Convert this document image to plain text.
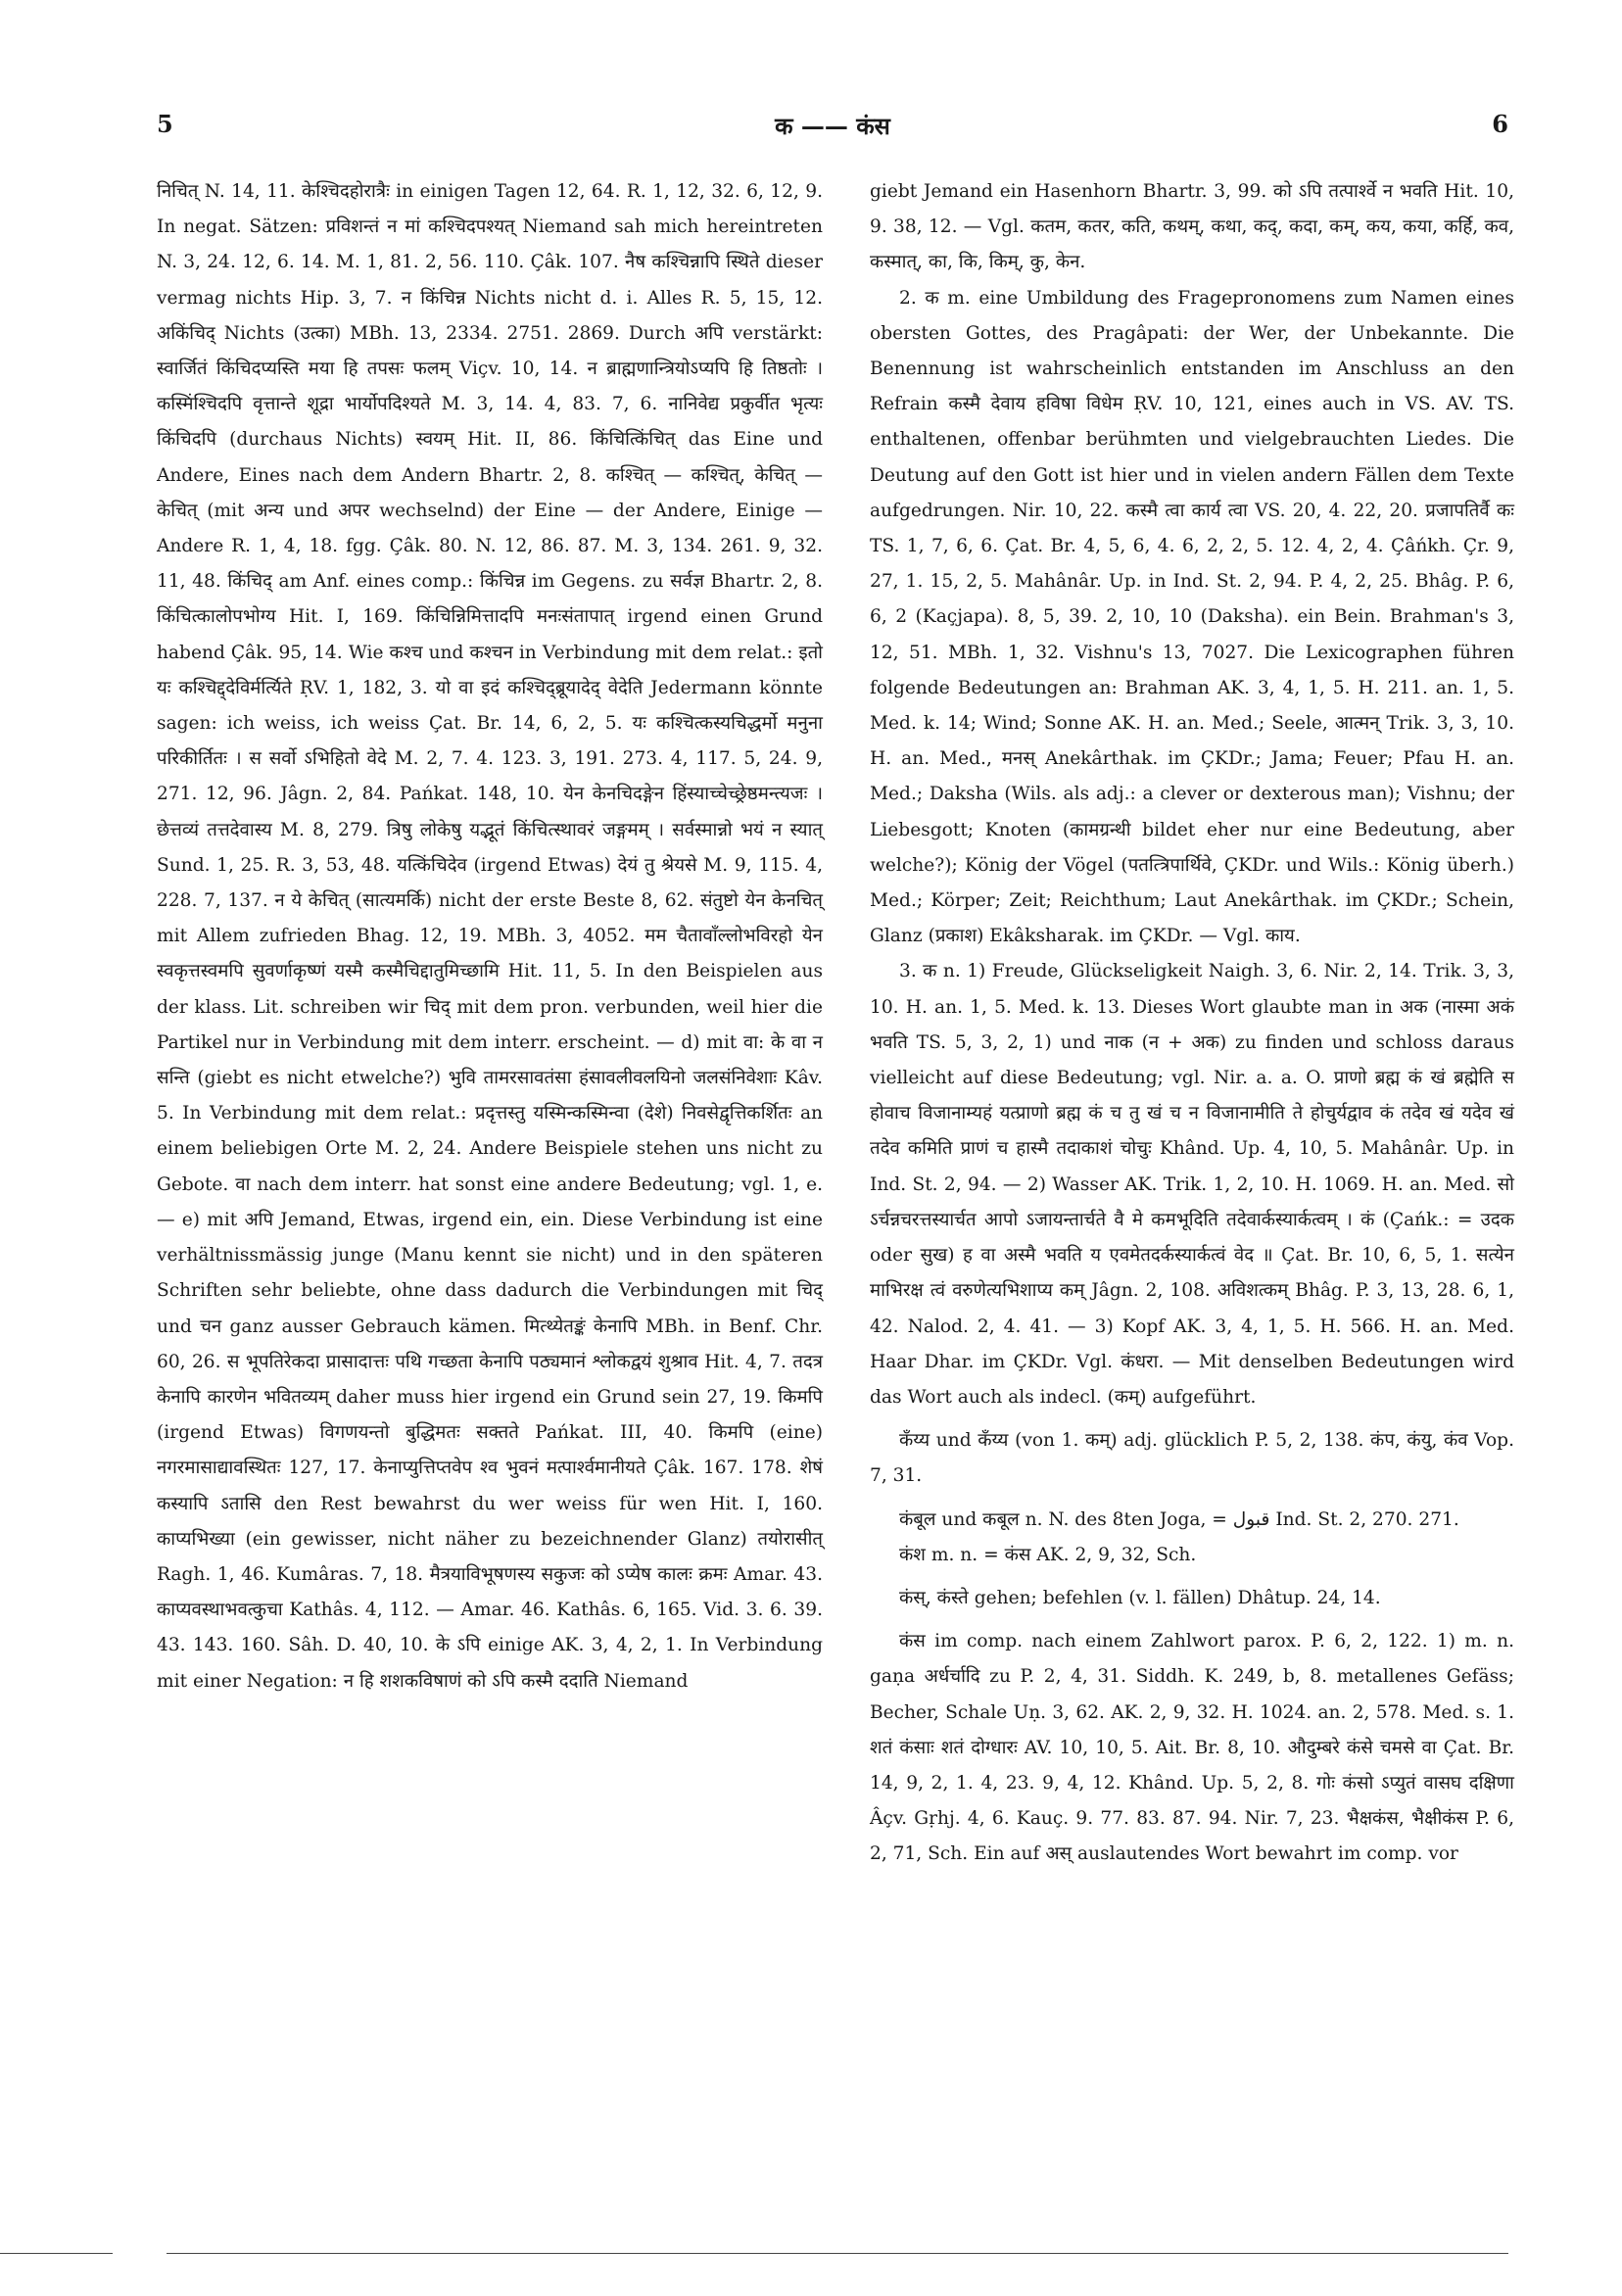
5	क —— कंस	6

निचित् N. 14, 11. केश्चिदहोरात्रैः in einigen Tagen 12, 64. R. 1, 12, 32. 6, 12, 9. In negat. Sätzen: प्रविशन्तं न मां कश्चिदपश्यत् Niemand sah mich hereintreten N. 3, 24. 12, 6. 14. M. 1, 81. 2, 56. 110. Çâk. 107. नैष कश्चिन्नापि स्थिते dieser vermag nichts Hip. 3, 7. न किंचिन्न Nichts nicht d. i. Alles R. 5, 15, 12. अकिंचिद् Nichts (उत्का) MBh. 13, 2334. 2751. 2869. Durch अपि verstärkt: स्वार्जितं किंचिदप्यस्ति मया हि तपसः फलम् Viçv. 10, 14. न ब्राह्मणान्त्रियोऽप्यपि हि तिष्ठतोः । कस्मिंश्चिदपि वृत्तान्ते शूद्रा भार्योपदिश्यते M. 3, 14. 4, 83. 7, 6. नानिवेद्य प्रकुर्वीत भृत्यः किंचिदपि (durchaus Nichts) स्वयम् Hit. II, 86. किंचित्किंचित् das Eine und Andere, Eines nach dem Andern Bhartr. 2, 8. कश्चित् — कश्चित्, केचित् — केचित् (mit अन्य und अपर wechselnd) der Eine — der Andere, Einige — Andere R. 1, 4, 18. fgg. Çâk. 80. N. 12, 86. 87. M. 3, 134. 261. 9, 32. 11, 48. किंचिद् am Anf. eines comp.: किंचिन्न im Gegens. zu सर्वज्ञ Bhartr. 2, 8. किंचित्कालोपभोग्य Hit. I, 169. किंचिन्निमित्तादपि मनःसंतापात् irgend einen Grund habend Çâk. 95, 14. Wie कश्च und कश्चन in Verbindung mit dem relat.: इतो यः कश्चिद्द्देविर्मर्त्यिते ṚV. 1, 182, 3. यो वा इदं कश्चिद्ब्रूयादेद् वेदेति Jedermann könnte sagen: ich weiss, ich weiss Çat. Br. 14, 6, 2, 5. यः कश्चित्कस्यचिद्धर्मो मनुना परिकीर्तितः । स सर्वो ऽभिहितो वेदे M. 2, 7. 4. 123. 3, 191. 273. 4, 117. 5, 24. 9, 271. 12, 96. Jâgn. 2, 84. Pańkat. 148, 10. येन केनचिदङ्गेन हिंस्याच्चेच्छ्रेष्ठमन्त्यजः । छेत्तव्यं तत्तदेवास्य M. 8, 279. त्रिषु लोकेषु यद्भूतं किंचित्स्थावरं जङ्गमम् । सर्वस्मान्नो भयं न स्यात् Sund. 1, 25. R. 3, 53, 48. यत्किंचिदेव (irgend Etwas) देयं तु श्रेयसे M. 9, 115. 4, 228. 7, 137. न ये केचित् (सात्यमर्कि) nicht der erste Beste 8, 62. संतुष्टो येन केनचित् mit Allem zufrieden Bhag. 12, 19. MBh. 3, 4052. मम चैतावाँल्लोभविरहो येन स्वकृत्तस्वमपि सुवर्णाकृष्णं यस्मै कस्मैचिद्दातुमिच्छामि Hit. 11, 5. In den Beispielen aus der klass. Lit. schreiben wir चिद् mit dem pron. verbunden, weil hier die Partikel nur in Verbindung mit dem interr. erscheint. — d) mit वा: के वा न सन्ति (giebt es nicht etwelche?) भुवि तामरसावतंसा हंसावलीवलयिनो जलसंनिवेशाः Kâv. 5. In Verbindung mit dem relat.: प्रदृत्तस्तु यस्मिन्कस्मिन्वा (देशे) निवसेद्वृत्तिकर्शितः an einem beliebigen Orte M. 2, 24. Andere Beispiele stehen uns nicht zu Gebote. वा nach dem interr. hat sonst eine andere Bedeutung; vgl. 1, e. — e) mit अपि Jemand, Etwas, irgend ein, ein. Diese Verbindung ist eine verhältnissmässig junge (Manu kennt sie nicht) und in den späteren Schriften sehr beliebte, ohne dass dadurch die Verbindungen mit चिद् und चन ganz ausser Gebrauch kämen. मित्थ्येतङ्कं केनापि MBh. in Benf. Chr. 60, 26. स भूपतिरेकदा प्रासादात्तः पथि गच्छता केनापि पठ्यमानं श्लोकद्वयं शुश्राव Hit. 4, 7. तदत्र केनापि कारणेन भवितव्यम् daher muss hier irgend ein Grund sein 27, 19. किमपि (irgend Etwas) विगणयन्तो बुद्धिमतः सक्तते Pańkat. III, 40. किमपि (eine) नगरमासाद्यावस्थितः 127, 17. केनाप्युत्तिप्तवेप श्व भुवनं मत्पार्श्वमानीयते Çâk. 167. 178. शेषं कस्यापि ऽतासि den Rest bewahrst du wer weiss für wen Hit. I, 160. काप्यभिख्या (ein gewisser, nicht näher zu bezeichnender Glanz) तयोरासीत् Ragh. 1, 46. Kumâras. 7, 18. मैत्रयाविभूषणस्य सकुजः को ऽप्येष कालः क्रमः Amar. 43. काप्यवस्थाभवत्कुचा Kathâs. 4, 112. — Amar. 46. Kathâs. 6, 165. Vid. 3. 6. 39. 43. 143. 160. Sâh. D. 40, 10. के ऽपि einige AK. 3, 4, 2, 1. In Verbindung mit einer Negation: न हि शशकविषाणं को ऽपि कस्मै ददाति Niemand

giebt Jemand ein Hasenhorn Bhartr. 3, 99. को ऽपि तत्पार्श्वे न भवति Hit. 10, 9. 38, 12. — Vgl. कतम, कतर, कति, कथम्, कथा, कद्, कदा, कम्, कय, कया, कर्हि, कव, कस्मात्, का, कि, किम्, कु, केन.

2. क m. eine Umbildung des Fragepronomens zum Namen eines obersten Gottes, des Pragâpati: der Wer, der Unbekannte. Die Benennung ist wahrscheinlich entstanden im Anschluss an den Refrain कस्मै देवाय हविषा विधेम ṚV. 10, 121, eines auch in VS. AV. TS. enthaltenen, offenbar berühmten und vielgebrauchten Liedes. Die Deutung auf den Gott ist hier und in vielen andern Fällen dem Texte aufgedrungen. Nir. 10, 22. कस्मै त्वा कार्य त्वा VS. 20, 4. 22, 20. प्रजापतिर्वै कः TS. 1, 7, 6, 6. Çat. Br. 4, 5, 6, 4. 6, 2, 2, 5. 12. 4, 2, 4. Çâńkh. Çr. 9, 27, 1. 15, 2, 5. Mahânâr. Up. in Ind. St. 2, 94. P. 4, 2, 25. Bhâg. P. 6, 6, 2 (Kaçjapa). 8, 5, 39. 2, 10, 10 (Daksha). ein Bein. Brahman's 3, 12, 51. MBh. 1, 32. Vishnu's 13, 7027. Die Lexicographen führen folgende Bedeutungen an: Brahman AK. 3, 4, 1, 5. H. 211. an. 1, 5. Med. k. 14; Wind; Sonne AK. H. an. Med.; Seele, आत्मन् Trik. 3, 3, 10. H. an. Med., मनस् Anekârthak. im ÇKDr.; Jama; Feuer; Pfau H. an. Med.; Daksha (Wils. als adj.: a clever or dexterous man); Vishnu; der Liebesgott; Knoten (कामग्रन्थी bildet eher nur eine Bedeutung, aber welche?); König der Vögel (पतत्त्रिपार्थिवे, ÇKDr. und Wils.: König überh.) Med.; Körper; Zeit; Reichthum; Laut Anekârthak. im ÇKDr.; Schein, Glanz (प्रकाश) Ekâksharak. im ÇKDr. — Vgl. काय.

3. क n. 1) Freude, Glückseligkeit Naigh. 3, 6. Nir. 2, 14. Trik. 3, 3, 10. H. an. 1, 5. Med. k. 13. Dieses Wort glaubte man in अक (नास्मा अकं भवति TS. 5, 3, 2, 1) und नाक (न + अक) zu finden und schloss daraus vielleicht auf diese Bedeutung; vgl. Nir. a. a. O. प्राणो ब्रह्म कं खं ब्रह्मेति स होवाच विजानाम्यहं यत्प्राणो ब्रह्म कं च तु खं च न विजानामीति ते होचुर्यद्वाव कं तदेव खं यदेव खं तदेव कमिति प्राणं च हास्मै तदाकाशं चोचुः Khând. Up. 4, 10, 5. Mahânâr. Up. in Ind. St. 2, 94. — 2) Wasser AK. Trik. 1, 2, 10. H. 1069. H. an. Med. सो ऽर्चन्नचरत्तस्यार्चत आपो ऽजायन्तार्चते वै मे कमभूदिति तदेवार्कस्यार्कत्वम् । कं (Çańk.: = उदक oder सुख) ह वा अस्मै भवति य एवमेतदर्कस्यार्कत्वं वेद ॥ Çat. Br. 10, 6, 5, 1. सत्येन माभिरक्ष त्वं वरुणेत्यभिशाप्य कम् Jâgn. 2, 108. अविशत्कम् Bhâg. P. 3, 13, 28. 6, 1, 42. Nalod. 2, 4. 41. — 3) Kopf AK. 3, 4, 1, 5. H. 566. H. an. Med. Haar Dhar. im ÇKDr. Vgl. कंधरा. — Mit denselben Bedeutungen wird das Wort auch als indecl. (कम्) aufgeführt.

कँय्य und कँय्य (von 1. कम्) adj. glücklich P. 5, 2, 138. कंप, कंयु, कंव Vop. 7, 31.

कंबूल und कबूल n. N. des 8ten Joga, = قبول Ind. St. 2, 270. 271.

कंश m. n. = कंस AK. 2, 9, 32, Sch.

कंस्, कंस्ते gehen; befehlen (v. l. fällen) Dhâtup. 24, 14.

कंस im comp. nach einem Zahlwort parox. P. 6, 2, 122. 1) m. n. gaṇa अर्धर्चादि zu P. 2, 4, 31. Siddh. K. 249, b, 8. metallenes Gefäss; Becher, Schale Uṇ. 3, 62. AK. 2, 9, 32. H. 1024. an. 2, 578. Med. s. 1. शतं कंसाः शतं दोग्धारः AV. 10, 10, 5. Ait. Br. 8, 10. औदुम्बरे कंसे चमसे वा Çat. Br. 14, 9, 2, 1. 4, 23. 9, 4, 12. Khând. Up. 5, 2, 8. गोः कंसो ऽप्युतं वासघ दक्षिणा Âçv. Gṛhj. 4, 6. Kauç. 9. 77. 83. 87. 94. Nir. 7, 23. भैक्षकंस, भैक्षीकंस P. 6, 2, 71, Sch. Ein auf अस् auslautendes Wort bewahrt im comp. vor
